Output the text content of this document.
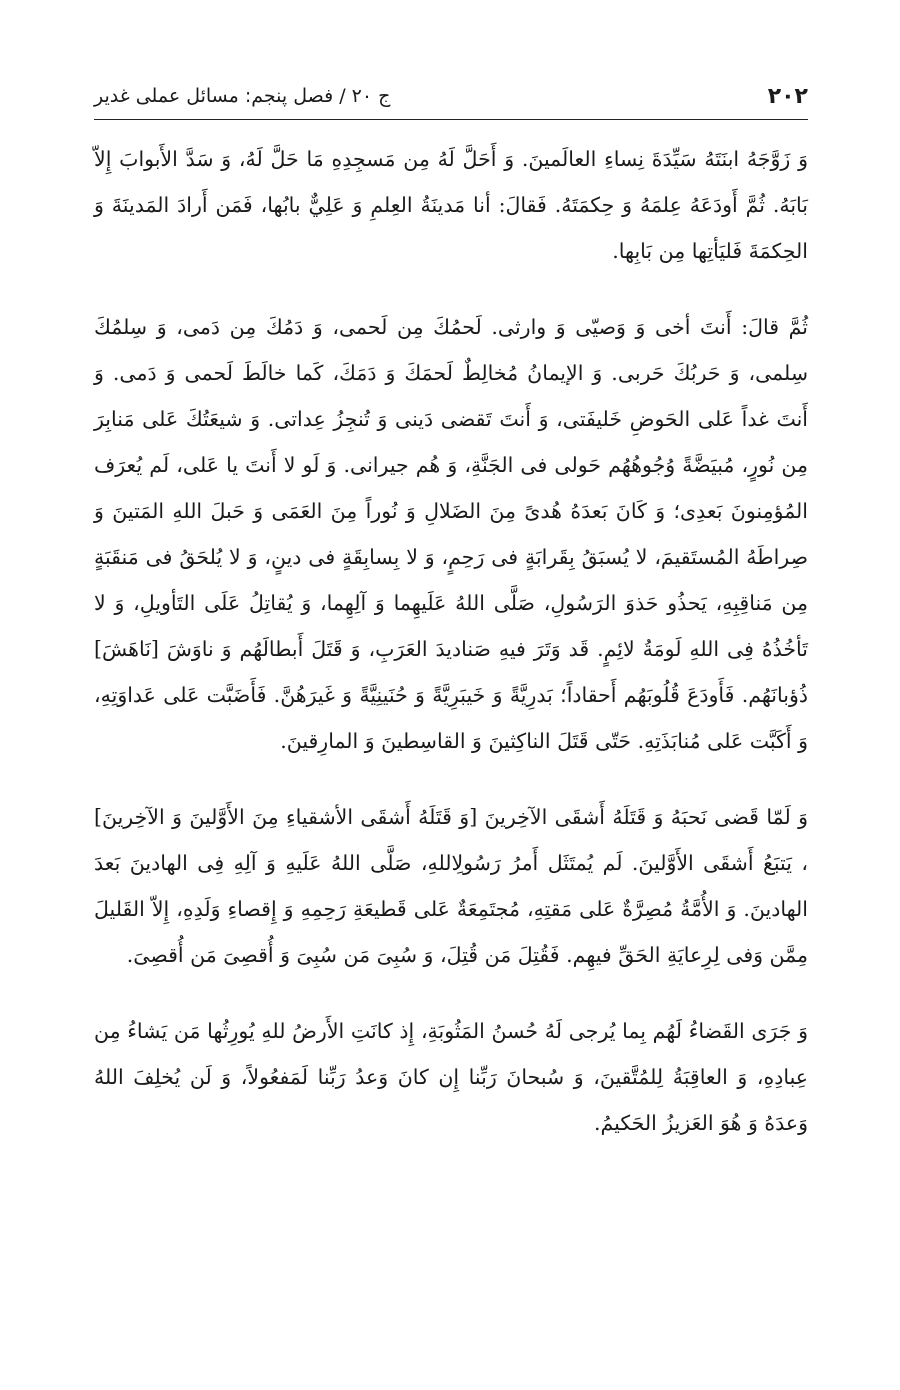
ج ٢٠ / فصل پنجم: مسائل عملى غدير	٢٠٢

وَ زَوَّجَهُ ابنَتَهُ سَيِّدَةَ نِساءِ العالَمينَ. وَ أَحَلَّ لَهُ مِن مَسجِدِهِ مَا حَلَّ لَهُ، وَ سَدَّ الأَبوابَ إِلاّ بَابَهُ. ثُمَّ أَودَعَهُ عِلمَهُ وَ حِكمَتَهُ. فَقالَ: أنا مَدينَةُ العِلمِ وَ عَلِيٌّ بابُها، فَمَن أَرادَ المَدينَةَ وَ الحِكمَةَ فَليَأتِها مِن بَابِها.

ثُمَّ قالَ: أَنتَ أخى وَ وَصيّى وَ وارثى. لَحمُكَ مِن لَحمى، وَ دَمُكَ مِن دَمى، وَ سِلمُكَ سِلمى، وَ حَربُكَ حَربى. وَ الإيمانُ مُخالِطٌ لَحمَكَ وَ دَمَكَ، كَما خالَطَ لَحمى وَ دَمى. وَ أَنتَ غداً عَلى الحَوضِ خَليفَتى، وَ أَنتَ تَقضى دَينى وَ تُنجِزُ عِداتى. وَ شيعَتُكَ عَلى مَنابِرَ مِن نُورٍ، مُبيَضَّةً وُجُوهُهُم حَولى فى الجَنَّةِ، وَ هُم جيرانى. وَ لَو لا أَنتَ يا عَلى، لَم يُعرَف المُؤمِنونَ بَعدِى؛ وَ كَانَ بَعدَهُ هُدىً مِنَ الضَلالِ وَ نُوراً مِنَ العَمَى وَ حَبلَ اللهِ المَتينَ وَ صِراطَهُ المُستَقيمَ، لا يُسبَقُ بِقَرابَةٍ فى رَحِمٍ، وَ لا بِسابِقَةٍ فى دينٍ، وَ لا يُلحَقُ فى مَنقَبَةٍ مِن مَناقِبِهِ، يَحذُو حَذوَ الرَسُولِ، صَلَّى اللهُ عَلَيهِما وَ آلِهِما، وَ يُقاتِلُ عَلَى التَأويلِ، وَ لا تَأخُذُهُ فِى اللهِ لَومَةُ لائِمٍ. قَد وَتَرَ فيهِ صَناديدَ العَرَبِ، وَ قَتَلَ أَبطالَهُم وَ ناوَشَ [نَاهَشَ] ذُؤبانَهُم. فَأَودَعَ قُلُوبَهُم أَحقاداً؛ بَدرِيَّةً وَ خَيبَرِيَّةً وَ حُنَينِيَّةً وَ غَيرَهُنَّ. فَأَضَبَّت عَلى عَداوَتِهِ، وَ أَكَبَّت عَلى مُنابَذَتِهِ. حَتّى قَتَلَ الناكِثينَ وَ القاسِطينَ وَ المارِقينَ.

وَ لَمّا قَضى نَحبَهُ وَ قَتَلَهُ أَشقَى الآخِرينَ [وَ قَتَلَهُ أَشقَى الأشقياءِ مِنَ الأَوَّلينَ وَ الآخِرينَ] ، يَتبَعُ أَشقَى الأَوَّلينَ. لَم يُمتَثَل أَمرُ رَسُولِاللهِ، صَلَّى اللهُ عَلَيهِ وَ آلِهِ فِى الهادينَ بَعدَ الهادينَ. وَ الأُمَّةُ مُصِرَّةٌ عَلى مَقتِهِ، مُجتَمِعَةٌ عَلى قَطيعَةِ رَحِمِهِ وَ إِقصاءِ وَلَدِهِ، إِلاّ القَليلَ مِمَّن وَفى لِرِعايَةِ الحَقِّ فيهِم. فَقُتِلَ مَن قُتِلَ، وَ سُبِىَ مَن سُبِىَ وَ أُقصِىَ مَن أُقصِىَ.

وَ جَرَى القَضاءُ لَهُم بِما يُرجى لَهُ حُسنُ المَثُوبَةِ، إِذ كانَتِ الأَرضُ للهِ يُورِثُها مَن يَشاءُ مِن عِبادِهِ، وَ العاقِبَةُ لِلمُتَّقينَ، وَ سُبحانَ رَبِّنا إِن كانَ وَعدُ رَبِّنا لَمَفعُولاً، وَ لَن يُخلِفَ اللهُ وَعدَهُ وَ هُوَ العَزيزُ الحَكيمُ.
